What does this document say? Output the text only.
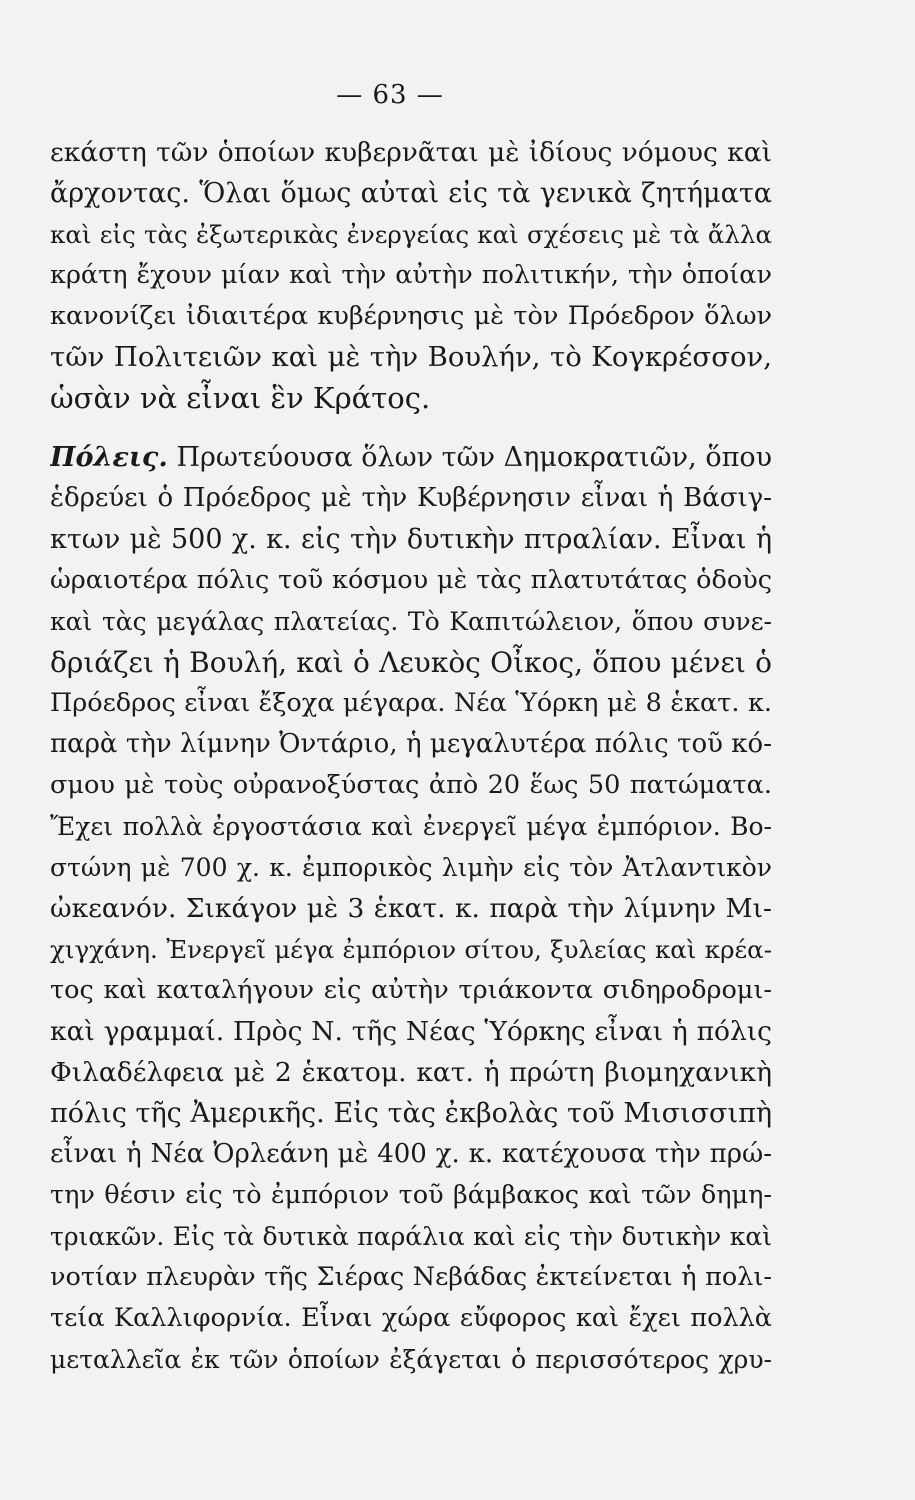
— 63 —
εκάστη τῶν ὁποίων κυβερνᾶται μὲ ἰδίους νόμους καὶ
ἄρχοντας. Ὅλαι ὅμως αὐταὶ εἰς τὰ γενικὰ ζητήματα
καὶ εἰς τὰς ἐξωτερικὰς ἐνεργείας καὶ σχέσεις μὲ τὰ ἄλλα
κράτη ἔχουν μίαν καὶ τὴν αὐτὴν πολιτικήν, τὴν ὁποίαν
κανονίζει ἰδιαιτέρα κυβέρνησις μὲ τὸν Πρόεδρον ὅλων
τῶν Πολιτειῶν καὶ μὲ τὴν Βουλήν, τὸ Κογκρέσσον,
ὡσὰν νὰ εἶναι ἓν Κράτος.
Πόλεις. Πρωτεύουσα ὅλων τῶν Δημοκρατιῶν, ὅπου
ἑδρεύει ὁ Πρόεδρος μὲ τὴν Κυβέρνησιν εἶναι ἡ Βάσιγ-
κτων μὲ 500 χ. κ. εἰς τὴν δυτικὴν πτραλίαν. Εἶναι ἡ
ὡραιοτέρα πόλις τοῦ κόσμου μὲ τὰς πλατυτάτας ὁδοὺς
καὶ τὰς μεγάλας πλατείας. Τὸ Καπιτώλειον, ὅπου συνε-
δριάζει ἡ Βουλή, καὶ ὁ Λευκὸς Οἶκος, ὅπου μένει ὁ
Πρόεδρος εἶναι ἔξοχα μέγαρα. Νέα Ὑόρκη μὲ 8 ἑκατ. κ.
παρὰ τὴν λίμνην Ὀντάριο, ἡ μεγαλυτέρα πόλις τοῦ κό-
σμου μὲ τοὺς οὐρανοξύστας ἀπὸ 20 ἕως 50 πατώματα.
Ἔχει πολλὰ ἐργοστάσια καὶ ἐνεργεῖ μέγα ἐμπόριον. Βο-
στώνη μὲ 700 χ. κ. ἐμπορικὸς λιμὴν εἰς τὸν Ἀτλαντικὸν
ὠκεανόν. Σικάγον μὲ 3 ἑκατ. κ. παρὰ τὴν λίμνην Μι-
χιγχάνη. Ἐνεργεῖ μέγα ἐμπόριον σίτου, ξυλείας καὶ κρέα-
τος καὶ καταλήγουν εἰς αὐτὴν τριάκοντα σιδηροδρομι-
καὶ γραμμαί. Πρὸς Ν. τῆς Νέας Ὑόρκης εἶναι ἡ πόλις
Φιλαδέλφεια μὲ 2 ἑκατομ. κατ. ἡ πρώτη βιομηχανικὴ
πόλις τῆς Ἀμερικῆς. Εἰς τὰς ἐκβολὰς τοῦ Μισισσιπὴ
εἶναι ἡ Νέα Ὀρλεάνη μὲ 400 χ. κ. κατέχουσα τὴν πρώ-
την θέσιν εἰς τὸ ἐμπόριον τοῦ βάμβακος καὶ τῶν δημη-
τριακῶν. Εἰς τὰ δυτικὰ παράλια καὶ εἰς τὴν δυτικὴν καὶ
νοτίαν πλευρὰν τῆς Σιέρας Νεβάδας ἐκτείνεται ἡ πολι-
τεία Καλλιφορνία. Εἶναι χώρα εὔφορος καὶ ἔχει πολλὰ
μεταλλεῖα ἐκ τῶν ὁποίων ἐξάγεται ὁ περισσότερος χρυ-
